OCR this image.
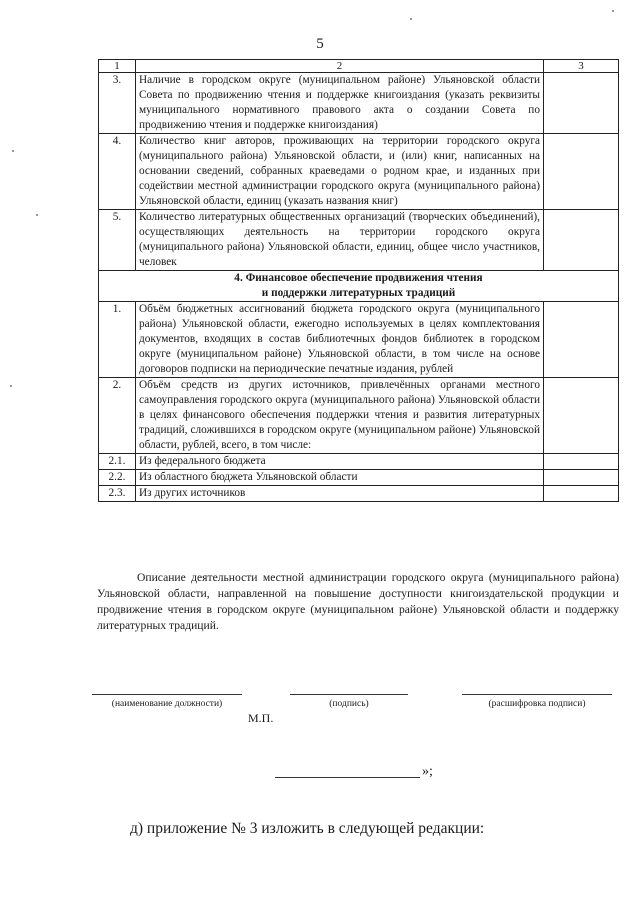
5
1	2	3
3.	Наличие в городском округе (муниципальном районе) Ульяновской области Совета по продвижению чтения и поддержке книгоиздания (указать реквизиты муниципального нормативного правового акта о создании Совета по продвижению чтения и поддержке книгоиздания)	
4.	Количество книг авторов, проживающих на территории городского округа (муниципального района) Ульяновской области, и (или) книг, написанных на основании сведений, собранных краеведами о родном крае, и изданных при содействии местной администрации городского округа (муниципального района) Ульяновской области, единиц (указать названия книг)	
5.	Количество литературных общественных организаций (творческих объединений), осуществляющих деятельность на территории городского округа (муниципального района) Ульяновской области, единиц, общее число участников, человек	

4. Финансовое обеспечение продвижения чтения
и поддержки литературных традиций		

1.	Объём бюджетных ассигнований бюджета городского округа (муниципального района) Ульяновской области, ежегодно используемых в целях комплектования документов, входящих в состав библиотечных фондов библиотек в городском округе (муниципальном районе) Ульяновской области, в том числе на основе договоров подписки на периодические печатные издания, рублей	
2.	Объём средств из других источников, привлечённых органами местного самоуправления городского округа (муниципального района) Ульяновской области в целях финансового обеспечения поддержки чтения и развития литературных традиций, сложившихся в городском округе (муниципальном районе) Ульяновской области, рублей, всего, в том числе:	
2.1.	Из федерального бюджета	
2.2.	Из областного бюджета Ульяновской области	
2.3.	Из других источников	
Описание деятельности местной администрации городского округа (муниципального района) Ульяновской области, направленной на повышение доступности книгоиздательской продукции и продвижение чтения в городском округе (муниципальном районе) Ульяновской области и поддержку литературных традиций.
(наименование должности)	(подпись)	(расшифровка подписи)
М.П.
»;
д) приложение № 3 изложить в следующей редакции:
